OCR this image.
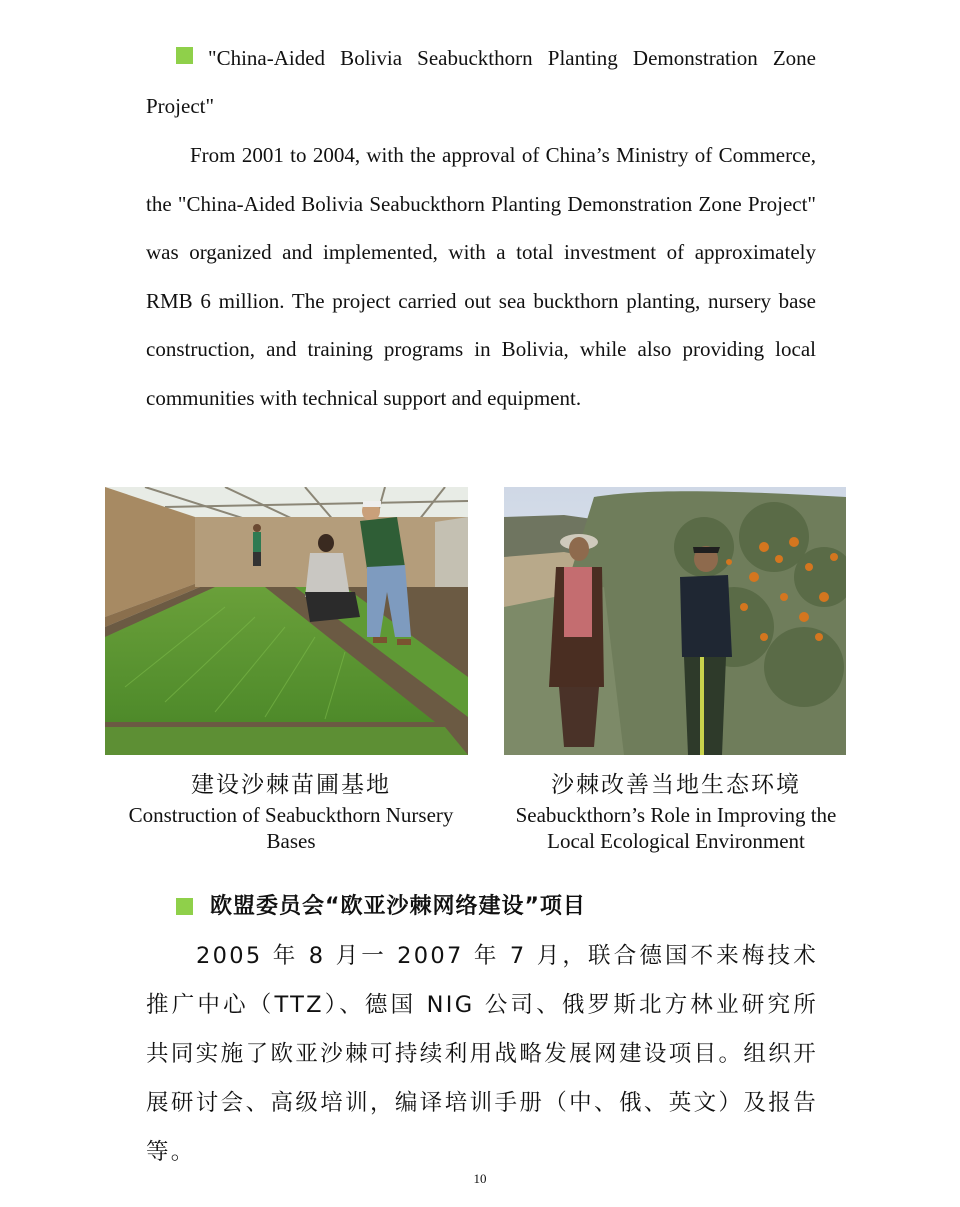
"China-Aided Bolivia Seabuckthorn Planting Demonstration Zone Project"
From 2001 to 2004, with the approval of China’s Ministry of Commerce, the "China-Aided Bolivia Seabuckthorn Planting Demonstration Zone Project" was organized and implemented, with a total investment of approximately RMB 6 million. The project carried out sea buckthorn planting, nursery base construction, and training programs in Bolivia, while also providing local communities with technical support and equipment.
建设沙棘苗圃基地
Construction of Seabuckthorn Nursery
Bases
沙棘改善当地生态环境
Seabuckthorn’s Role in Improving the
Local Ecological Environment
欧盟委员会“欧亚沙棘网络建设”项目
2005 年 8 月一 2007 年 7 月，联合德国不来梅技术推广中心（TTZ）、德国 NIG 公司、俄罗斯北方林业研究所共同实施了欧亚沙棘可持续利用战略发展网建设项目。组织开展研讨会、高级培训，编译培训手册（中、俄、英文）及报告等。
10
